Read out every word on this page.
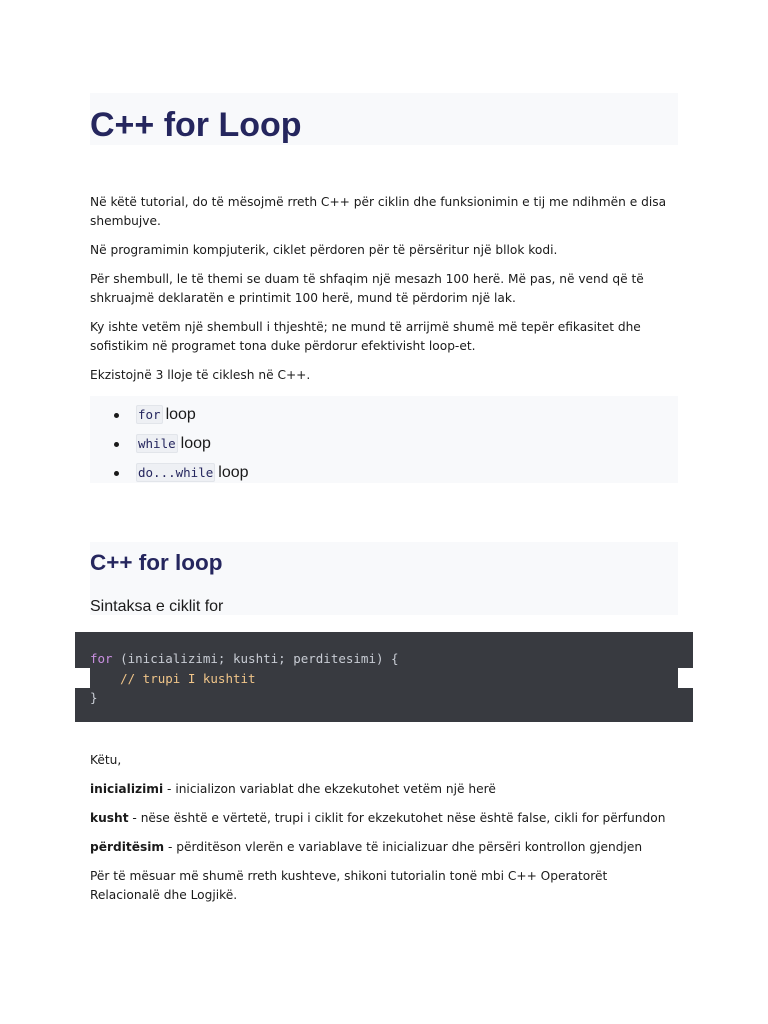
C++ for Loop

Në këtë tutorial, do të mësojmë rreth C++ për ciklin dhe funksionimin e tij me ndihmën e disa shembujve.

Në programimin kompjuterik, ciklet përdoren për të përsëritur një bllok kodi.

Për shembull, le të themi se duam të shfaqim një mesazh 100 herë. Më pas, në vend që të shkruajmë deklaratën e printimit 100 herë, mund të përdorim një lak.

Ky ishte vetëm një shembull i thjeshtë; ne mund të arrijmë shumë më tepër efikasitet dhe sofistikim në programet tona duke përdorur efektivisht loop-et.

Ekzistojnë 3 lloje të ciklesh në C++.

for loop
while loop
do...while loop
C++ for loop

Sintaksa e ciklit for

for (inicializimi; kushti; perditesimi) {
// trupi I kushtit
}

Këtu,

inicializimi - inicializon variablat dhe ekzekutohet vetëm një herë

kusht - nëse është e vërtetë, trupi i ciklit for ekzekutohet nëse është false, cikli for përfundon

përditësim - përditëson vlerën e variablave të inicializuar dhe përsëri kontrollon gjendjen

Për të mësuar më shumë rreth kushteve, shikoni tutorialin tonë mbi C++ Operatorët Relacionalë dhe Logjikë.
